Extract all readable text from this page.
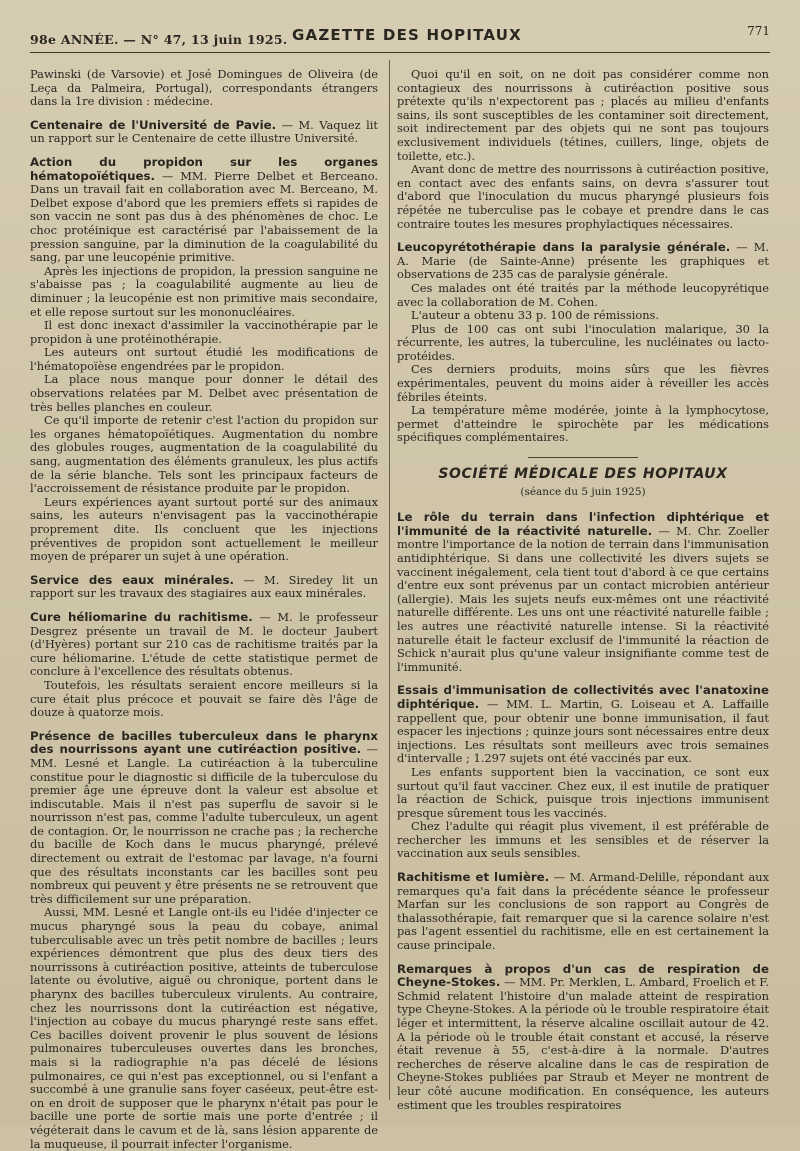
98e ANNÉE. — N° 47, 13 juin 1925. GAZETTE DES HOPITAUX	771

Pawinski (de Varsovie) et José Domingues de Oliveira (de Leça da Palmeira, Portugal), correspondants étrangers dans la 1re division : médecine.

Centenaire de l'Université de Pavie. — M. Vaquez lit un rapport sur le Centenaire de cette illustre Université.

Action du propidon sur les organes hématopoïétiques. — MM. Pierre Delbet et Berceano. Dans un travail fait en collaboration avec M. Berceano, M. Delbet expose d'abord que les premiers effets si rapides de son vaccin ne sont pas dus à des phénomènes de choc. Le choc protéinique est caractérisé par l'abaissement de la pression sanguine, par la diminution de la coagulabilité du sang, par une leucopénie primitive.

Après les injections de propidon, la pression sanguine ne s'abaisse pas ; la coagulabilité augmente au lieu de diminuer ; la leucopénie est non primitive mais secondaire, et elle repose surtout sur les mononucléaires.

Il est donc inexact d'assimiler la vaccinothérapie par le propidon à une protéinothérapie.

Les auteurs ont surtout étudié les modifications de l'hématopoïèse engendrées par le propidon.

La place nous manque pour donner le détail des observations relatées par M. Delbet avec présentation de très belles planches en couleur.

Ce qu'il importe de retenir c'est l'action du propidon sur les organes hématopoïétiques. Augmentation du nombre des globules rouges, augmentation de la coagulabilité du sang, augmentation des éléments granuleux, les plus actifs de la série blanche. Tels sont les principaux facteurs de l'accroissement de résistance produite par le propidon.

Leurs expériences ayant surtout porté sur des animaux sains, les auteurs n'envisagent pas la vaccinothérapie proprement dite. Ils concluent que les injections préventives de propidon sont actuellement le meilleur moyen de préparer un sujet à une opération.

Service des eaux minérales. — M. Siredey lit un rapport sur les travaux des stagiaires aux eaux minérales.

Cure héliomarine du rachitisme. — M. le professeur Desgrez présente un travail de M. le docteur Jaubert (d'Hyères) portant sur 210 cas de rachitisme traités par la cure héliomarine. L'étude de cette statistique permet de conclure à l'excellence des résultats obtenus.

Toutefois, les résultats seraient encore meilleurs si la cure était plus précoce et pouvait se faire dès l'âge de douze à quatorze mois.

Présence de bacilles tuberculeux dans le pharynx des nourrissons ayant une cutiréaction positive. — MM. Lesné et Langle. La cutiréaction à la tuberculine constitue pour le diagnostic si difficile de la tuberculose du premier âge une épreuve dont la valeur est absolue et indiscutable. Mais il n'est pas superflu de savoir si le nourrisson n'est pas, comme l'adulte tuberculeux, un agent de contagion. Or, le nourrisson ne crache pas ; la recherche du bacille de Koch dans le mucus pharyngé, prélevé directement ou extrait de l'estomac par lavage, n'a fourni que des résultats inconstants car les bacilles sont peu nombreux qui peuvent y être présents ne se retrouvent que très difficilement sur une préparation.

Aussi, MM. Lesné et Langle ont-ils eu l'idée d'injecter ce mucus pharyngé sous la peau du cobaye, animal tuberculisable avec un très petit nombre de bacilles ; leurs expériences démontrent que plus des deux tiers des nourrissons à cutiréaction positive, atteints de tuberculose latente ou évolutive, aiguë ou chronique, portent dans le pharynx des bacilles tuberculeux virulents. Au contraire, chez les nourrissons dont la cutiréaction est négative, l'injection au cobaye du mucus pharyngé reste sans effet. Ces bacilles doivent provenir le plus souvent de lésions pulmonaires tuberculeuses ouvertes dans les bronches, mais si la radiographie n'a pas décelé de lésions pulmonaires, ce qui n'est pas exceptionnel, ou si l'enfant a succombé à une granulie sans foyer caséeux, peut-être est-on en droit de supposer que le pharynx n'était pas pour le bacille une porte de sortie mais une porte d'entrée ; il végéterait dans le cavum et de là, sans lésion apparente de la muqueuse, il pourrait infecter l'organisme.

Quoi qu'il en soit, on ne doit pas considérer comme non contagieux des nourrissons à cutiréaction positive sous prétexte qu'ils n'expectorent pas ; placés au milieu d'enfants sains, ils sont susceptibles de les contaminer soit directement, soit indirectement par des objets qui ne sont pas toujours exclusivement individuels (tétines, cuillers, linge, objets de toilette, etc.).

Avant donc de mettre des nourrissons à cutiréaction positive, en contact avec des enfants sains, on devra s'assurer tout d'abord que l'inoculation du mucus pharyngé plusieurs fois répétée ne tuberculise pas le cobaye et prendre dans le cas contraire toutes les mesures prophylactiques nécessaires.

Leucopyrétothérapie dans la paralysie générale. — M. A. Marie (de Sainte-Anne) présente les graphiques et observations de 235 cas de paralysie générale.

Ces malades ont été traités par la méthode leucopyrétique avec la collaboration de M. Cohen.

L'auteur a obtenu 33 p. 100 de rémissions.

Plus de 100 cas ont subi l'inoculation malarique, 30 la récurrente, les autres, la tuberculine, les nucléinates ou lacto-protéides.

Ces derniers produits, moins sûrs que les fièvres expérimentales, peuvent du moins aider à réveiller les accès fébriles éteints.

La température même modérée, jointe à la lymphocytose, permet d'atteindre le spirochète par les médications spécifiques complémentaires.

SOCIÉTÉ MÉDICALE DES HOPITAUX
(séance du 5 juin 1925)

Le rôle du terrain dans l'infection diphtérique et l'immunité de la réactivité naturelle. — M. Chr. Zoeller montre l'importance de la notion de terrain dans l'immunisation antidiphtérique. Si dans une collectivité les divers sujets se vaccinent inégalement, cela tient tout d'abord à ce que certains d'entre eux sont prévenus par un contact microbien antérieur (allergie). Mais les sujets neufs eux-mêmes ont une réactivité naturelle différente. Les uns ont une réactivité naturelle faible ; les autres une réactivité naturelle intense. Si la réactivité naturelle était le facteur exclusif de l'immunité la réaction de Schick n'aurait plus qu'une valeur insignifiante comme test de l'immunité.

Essais d'immunisation de collectivités avec l'anatoxine diphtérique. — MM. L. Martin, G. Loiseau et A. Laffaille rappellent que, pour obtenir une bonne immunisation, il faut espacer les injections ; quinze jours sont nécessaires entre deux injections. Les résultats sont meilleurs avec trois semaines d'intervalle ; 1.297 sujets ont été vaccinés par eux.

Les enfants supportent bien la vaccination, ce sont eux surtout qu'il faut vacciner. Chez eux, il est inutile de pratiquer la réaction de Schick, puisque trois injections immunisent presque sûrement tous les vaccinés.

Chez l'adulte qui réagit plus vivement, il est préférable de rechercher les immuns et les sensibles et de réserver la vaccination aux seuls sensibles.

Rachitisme et lumière. — M. Armand-Delille, répondant aux remarques qu'a fait dans la précédente séance le professeur Marfan sur les conclusions de son rapport au Congrès de thalassothérapie, fait remarquer que si la carence solaire n'est pas l'agent essentiel du rachitisme, elle en est certainement la cause principale.

Remarques à propos d'un cas de respiration de Cheyne-Stokes. — MM. Pr. Merklen, L. Ambard, Froelich et F. Schmid relatent l'histoire d'un malade atteint de respiration type Cheyne-Stokes. A la période où le trouble respiratoire était léger et intermittent, la réserve alcaline oscillait autour de 42. A la période où le trouble était constant et accusé, la réserve était revenue à 55, c'est-à-dire à la normale. D'autres recherches de réserve alcaline dans le cas de respiration de Cheyne-Stokes publiées par Straub et Meyer ne montrent de leur côté aucune modification. En conséquence, les auteurs estiment que les troubles respiratoires
